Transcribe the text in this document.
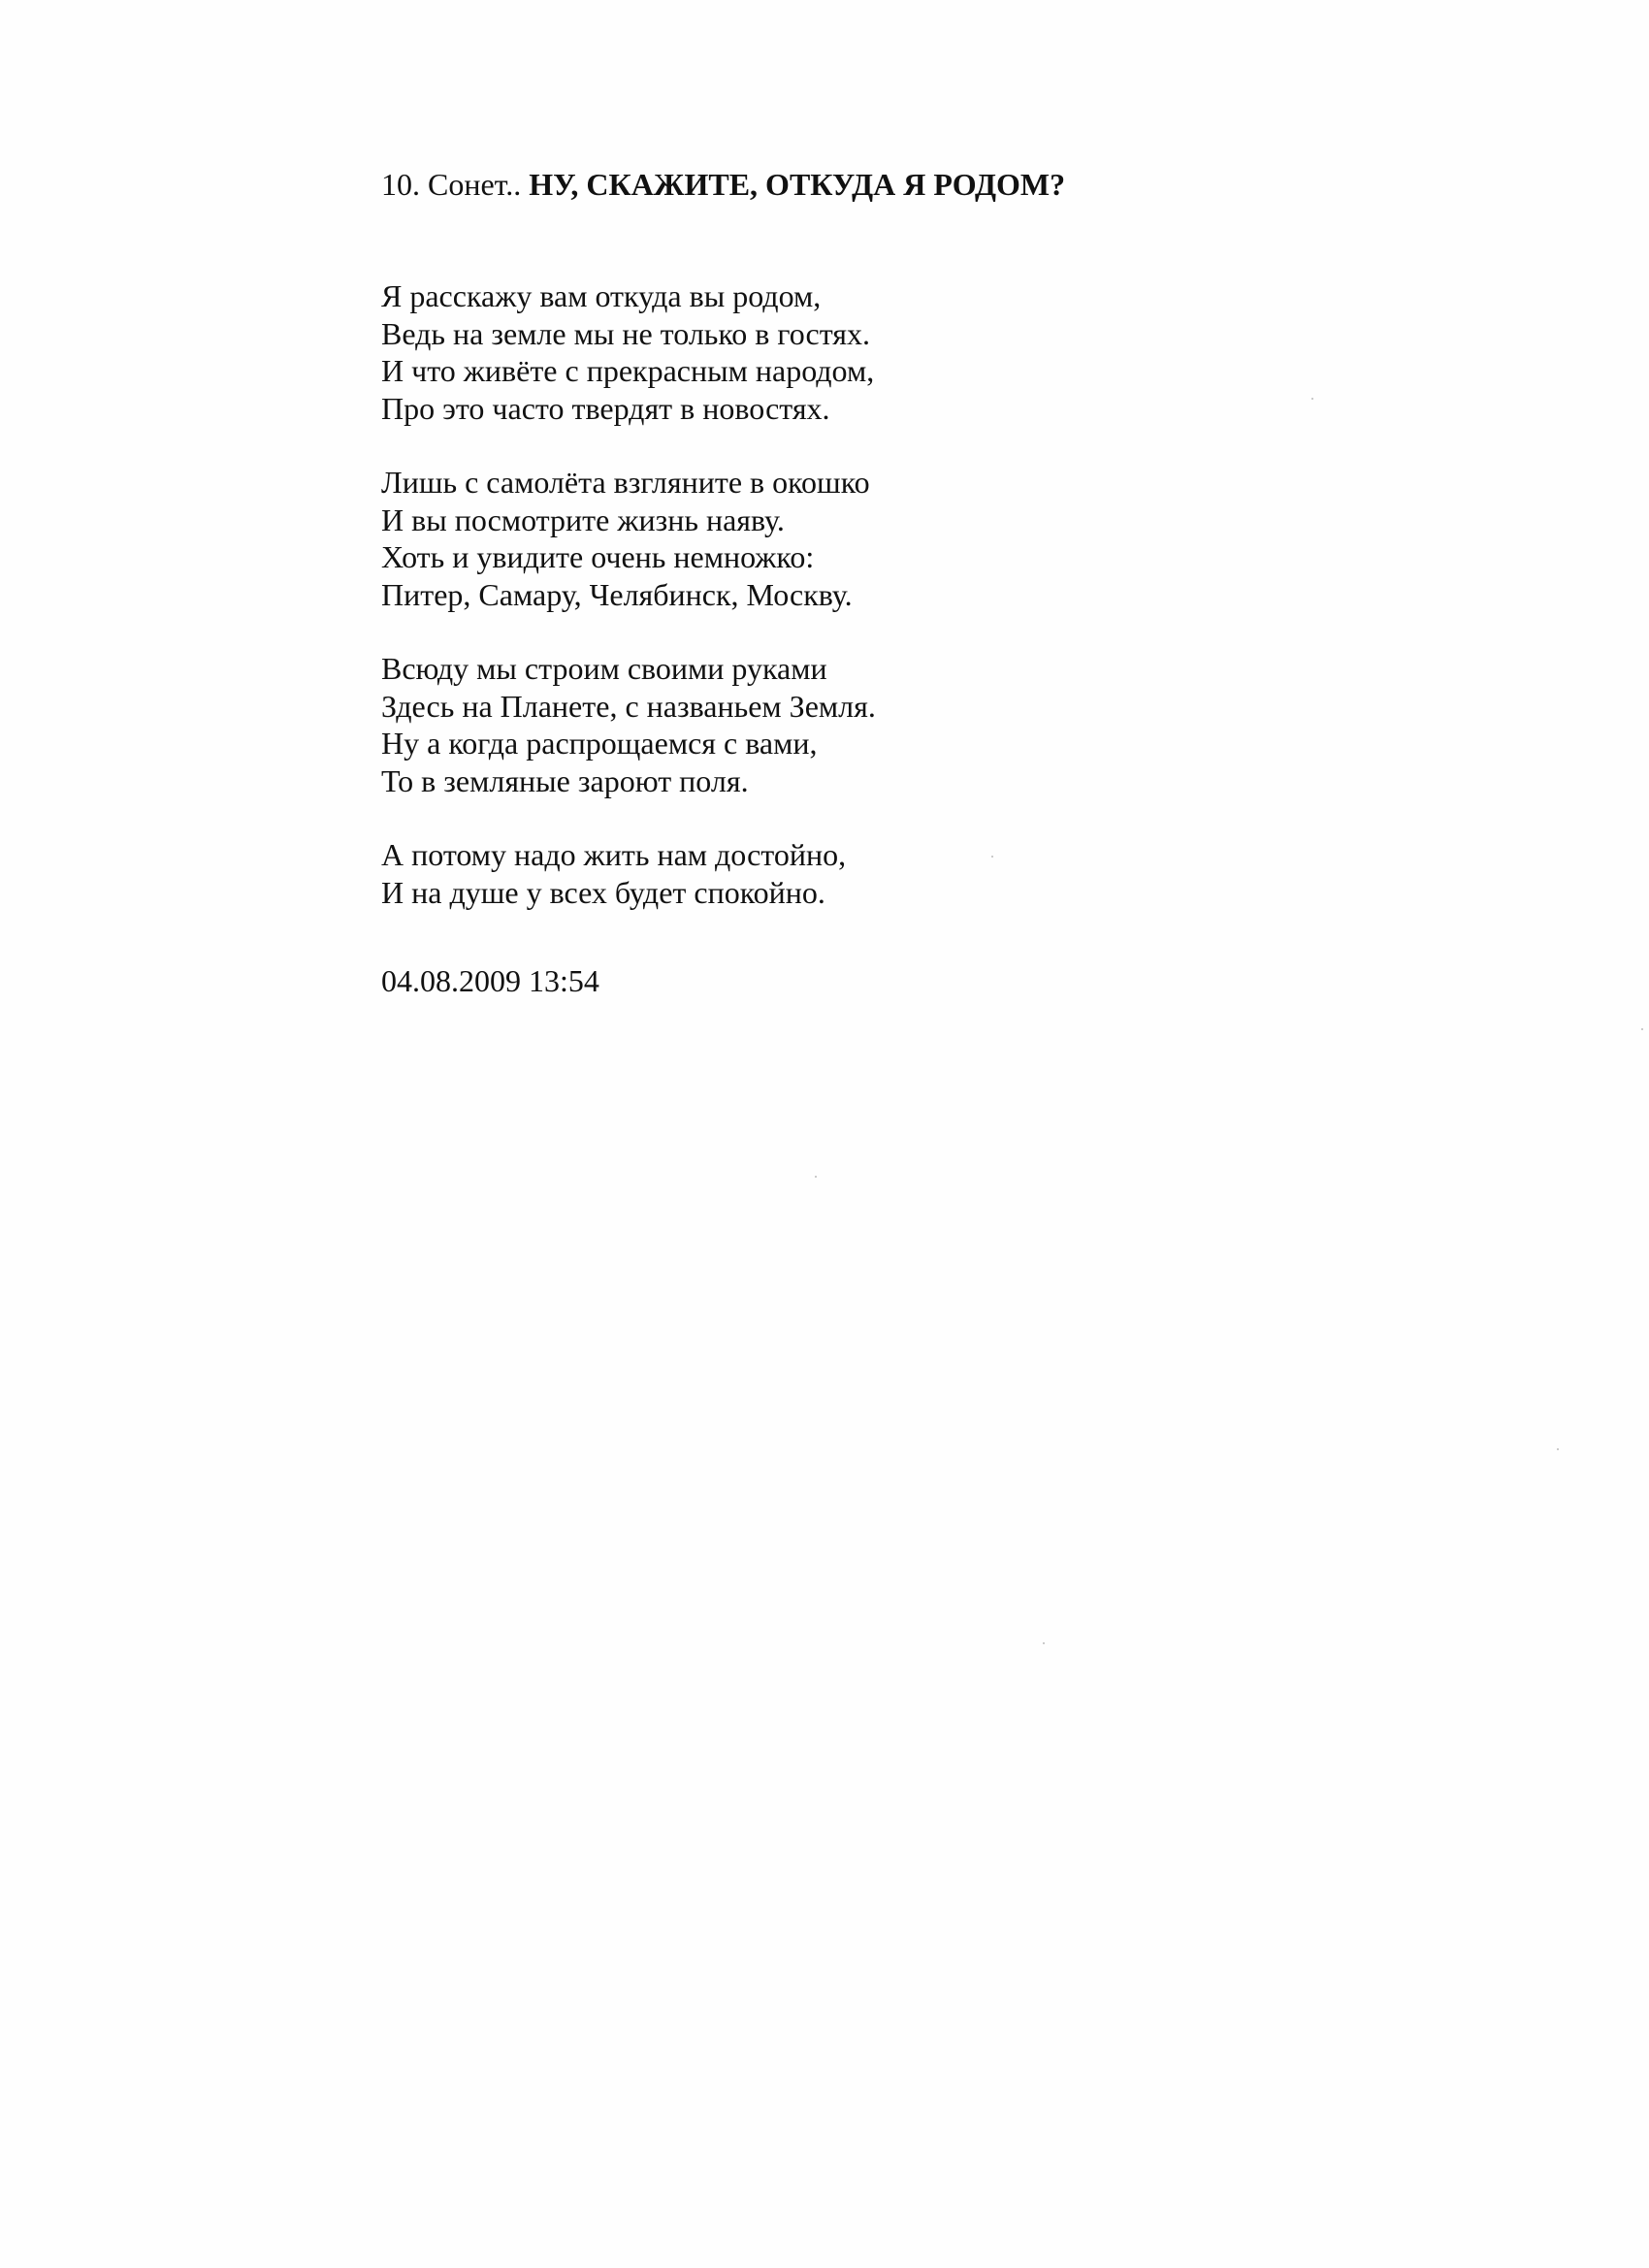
10. Сонет.. НУ, СКАЖИТЕ, ОТКУДА Я РОДОМ?

Я расскажу вам откуда вы родом,
Ведь на земле мы не только в гостях.
И что живёте с прекрасным народом,
Про это часто твердят в новостях.
Лишь с самолёта взгляните в окошко
И вы посмотрите жизнь наяву.
Хоть и увидите очень немножко:
Питер, Самару, Челябинск, Москву.
Всюду мы строим своими руками
Здесь на Планете, с названьем Земля.
Ну а когда распрощаемся с вами,
То в земляные зароют поля.
А потому надо жить нам достойно,
И на душе у всех будет спокойно.
04.08.2009 13:54
